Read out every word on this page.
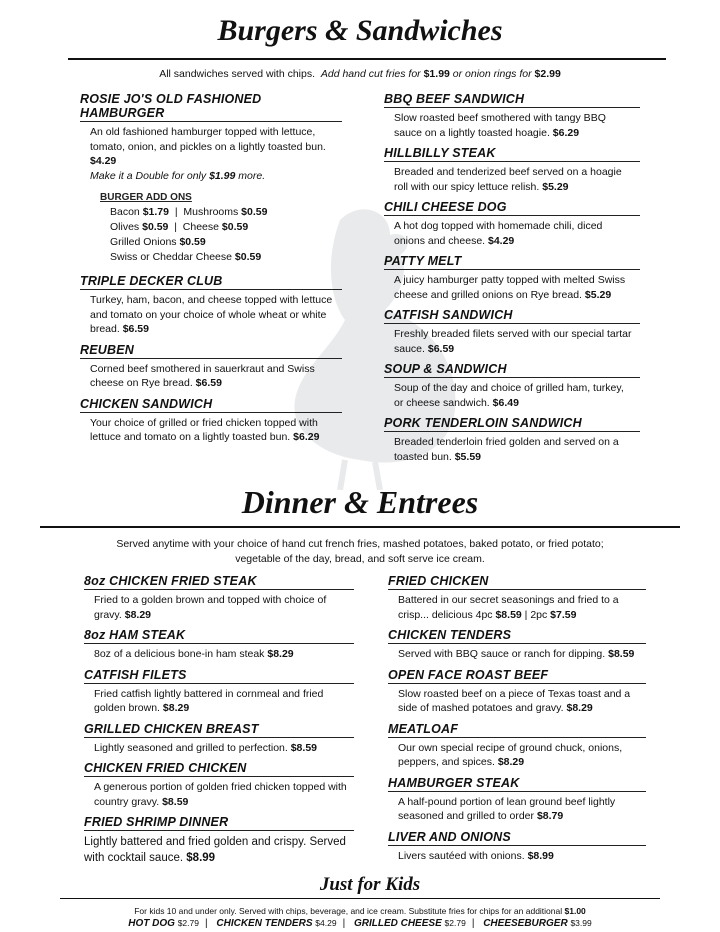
Burgers & Sandwiches
All sandwiches served with chips. Add hand cut fries for $1.99 or onion rings for $2.99
ROSIE JO'S OLD FASHIONED HAMBURGER
An old fashioned hamburger topped with lettuce, tomato, onion, and pickles on a lightly toasted bun. $4.29
Make it a Double for only $1.99 more.
BURGER ADD ONS
Bacon $1.79  |  Mushrooms $0.59
Olives $0.59  |  Cheese $0.59
Grilled Onions $0.59
Swiss or Cheddar Cheese $0.59
TRIPLE DECKER CLUB
Turkey, ham, bacon, and cheese topped with lettuce and tomato on your choice of whole wheat or white bread. $6.59
REUBEN
Corned beef smothered in sauerkraut and Swiss cheese on Rye bread. $6.59
CHICKEN SANDWICH
Your choice of grilled or fried chicken topped with lettuce and tomato on a lightly toasted bun. $6.29
BBQ BEEF SANDWICH
Slow roasted beef smothered with tangy BBQ sauce on a lightly toasted hoagie. $6.29
HILLBILLY STEAK
Breaded and tenderized beef served on a hoagie roll with our spicy lettuce relish. $5.29
CHILI CHEESE DOG
A hot dog topped with homemade chili, diced onions and cheese. $4.29
PATTY MELT
A juicy hamburger patty topped with melted Swiss cheese and grilled onions on Rye bread. $5.29
CATFISH SANDWICH
Freshly breaded filets served with our special tartar sauce. $6.59
SOUP & SANDWICH
Soup of the day and choice of grilled ham, turkey, or cheese sandwich. $6.49
PORK TENDERLOIN SANDWICH
Breaded tenderloin fried golden and served on a toasted bun. $5.59
Dinner & Entrees
Served anytime with your choice of hand cut french fries, mashed potatoes, baked potato, or fried potato;
vegetable of the day, bread, and soft serve ice cream.
8oz CHICKEN FRIED STEAK
Fried to a golden brown and topped with choice of gravy. $8.29
8oz HAM STEAK
8oz of a delicious bone-in ham steak $8.29
CATFISH FILETS
Fried catfish lightly battered in cornmeal and fried golden brown. $8.29
GRILLED CHICKEN BREAST
Lightly seasoned and grilled to perfection. $8.59
CHICKEN FRIED CHICKEN
A generous portion of golden fried chicken topped with country gravy. $8.59
FRIED SHRIMP DINNER
Lightly battered and fried golden and crispy. Served with cocktail sauce. $8.99
FRIED CHICKEN
Battered in our secret seasonings and fried to a crisp... delicious 4pc $8.59 | 2pc $7.59
CHICKEN TENDERS
Served with BBQ sauce or ranch for dipping. $8.59
OPEN FACE ROAST BEEF
Slow roasted beef on a piece of Texas toast and a side of mashed potatoes and gravy. $8.29
MEATLOAF
Our own special recipe of ground chuck, onions, peppers, and spices. $8.29
HAMBURGER STEAK
A half-pound portion of lean ground beef lightly seasoned and grilled to order $8.79
LIVER AND ONIONS
Livers sautéed with onions. $8.99
Just for Kids
For kids 10 and under only. Served with chips, beverage, and ice cream. Substitute fries for chips for an additional $1.00
HOT DOG $2.79 | CHICKEN TENDERS $4.29 | GRILLED CHEESE $2.79 | CHEESEBURGER $3.99
